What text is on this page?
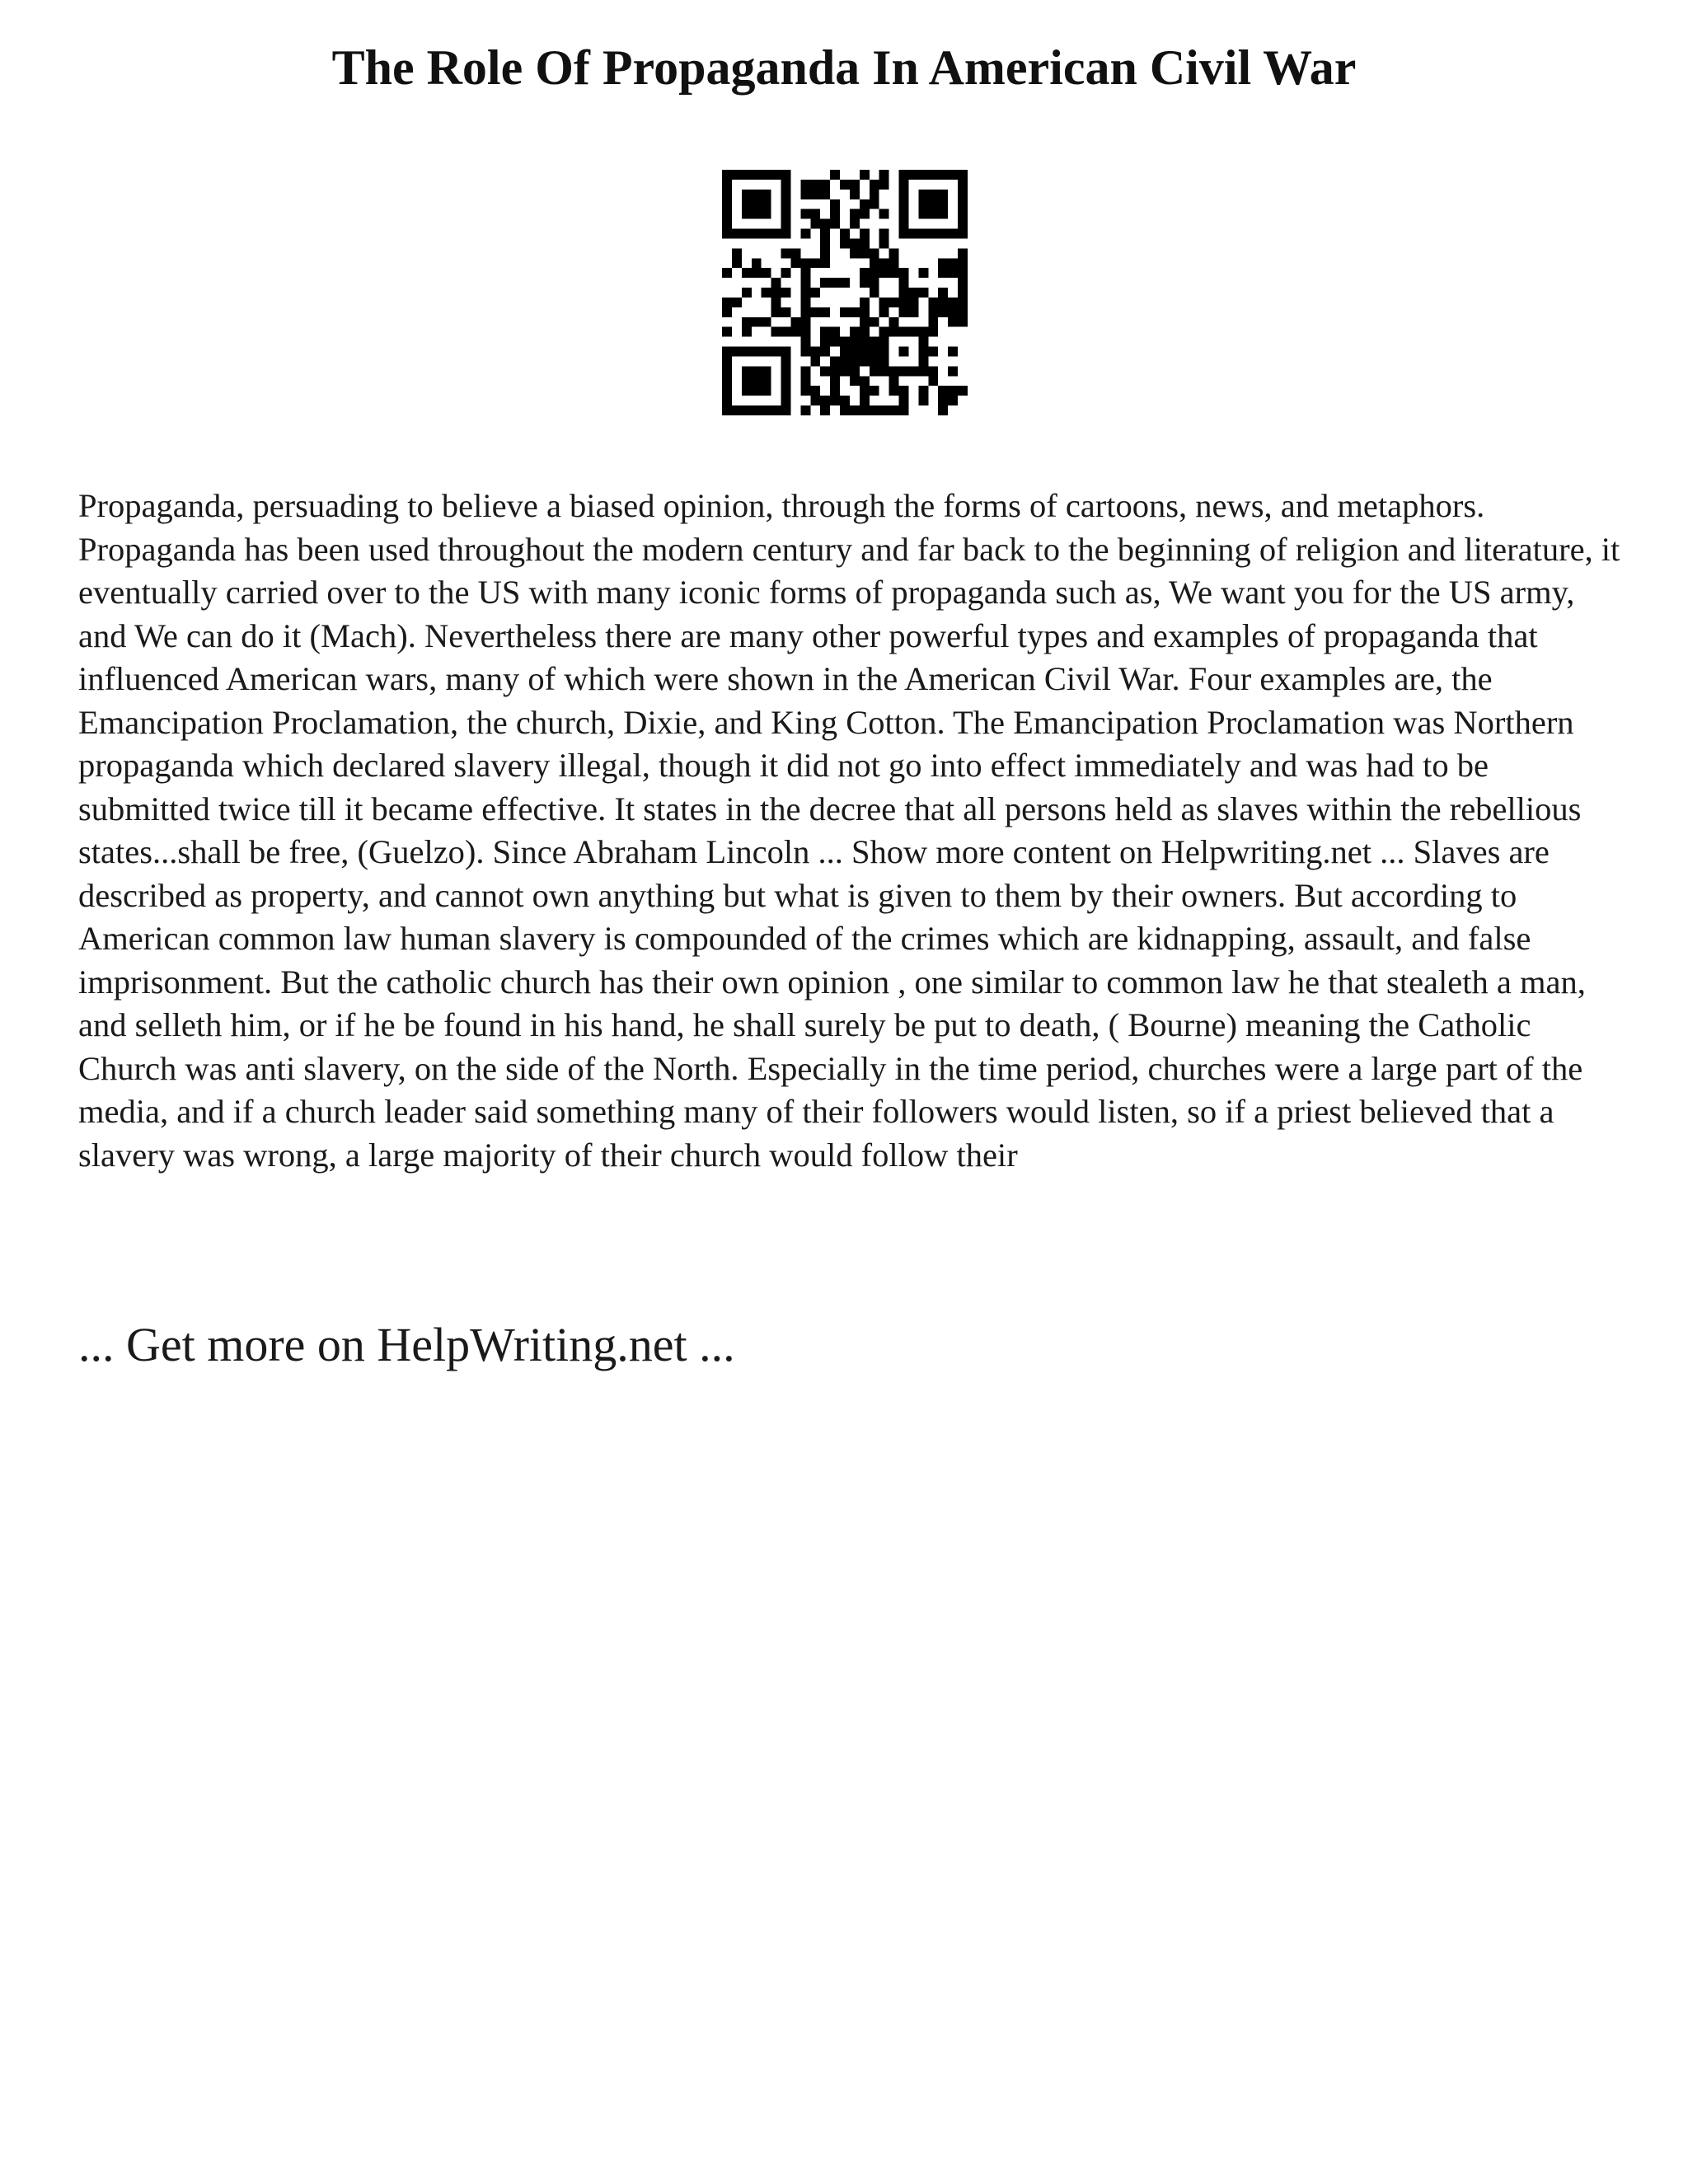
The Role Of Propaganda In American Civil War

Propaganda, persuading to believe a biased opinion, through the forms of cartoons, news, and metaphors. Propaganda has been used throughout the modern century and far back to the beginning of religion and literature, it eventually carried over to the US with many iconic forms of propaganda such as, We want you for the US army, and We can do it (Mach). Nevertheless there are many other powerful types and examples of propaganda that influenced American wars, many of which were shown in the American Civil War. Four examples are, the Emancipation Proclamation, the church, Dixie, and King Cotton. The Emancipation Proclamation was Northern propaganda which declared slavery illegal, though it did not go into effect immediately and was had to be submitted twice till it became effective. It states in the decree that all persons held as slaves within the rebellious states...shall be free, (Guelzo). Since Abraham Lincoln ... Show more content on Helpwriting.net ... Slaves are described as property, and cannot own anything but what is given to them by their owners. But according to American common law human slavery is compounded of the crimes which are kidnapping, assault, and false imprisonment. But the catholic church has their own opinion , one similar to common law he that stealeth a man, and selleth him, or if he be found in his hand, he shall surely be put to death, ( Bourne) meaning the Catholic Church was anti slavery, on the side of the North. Especially in the time period, churches were a large part of the media, and if a church leader said something many of their followers would listen, so if a priest believed that a slavery was wrong, a large majority of their church would follow their

... Get more on HelpWriting.net ...
